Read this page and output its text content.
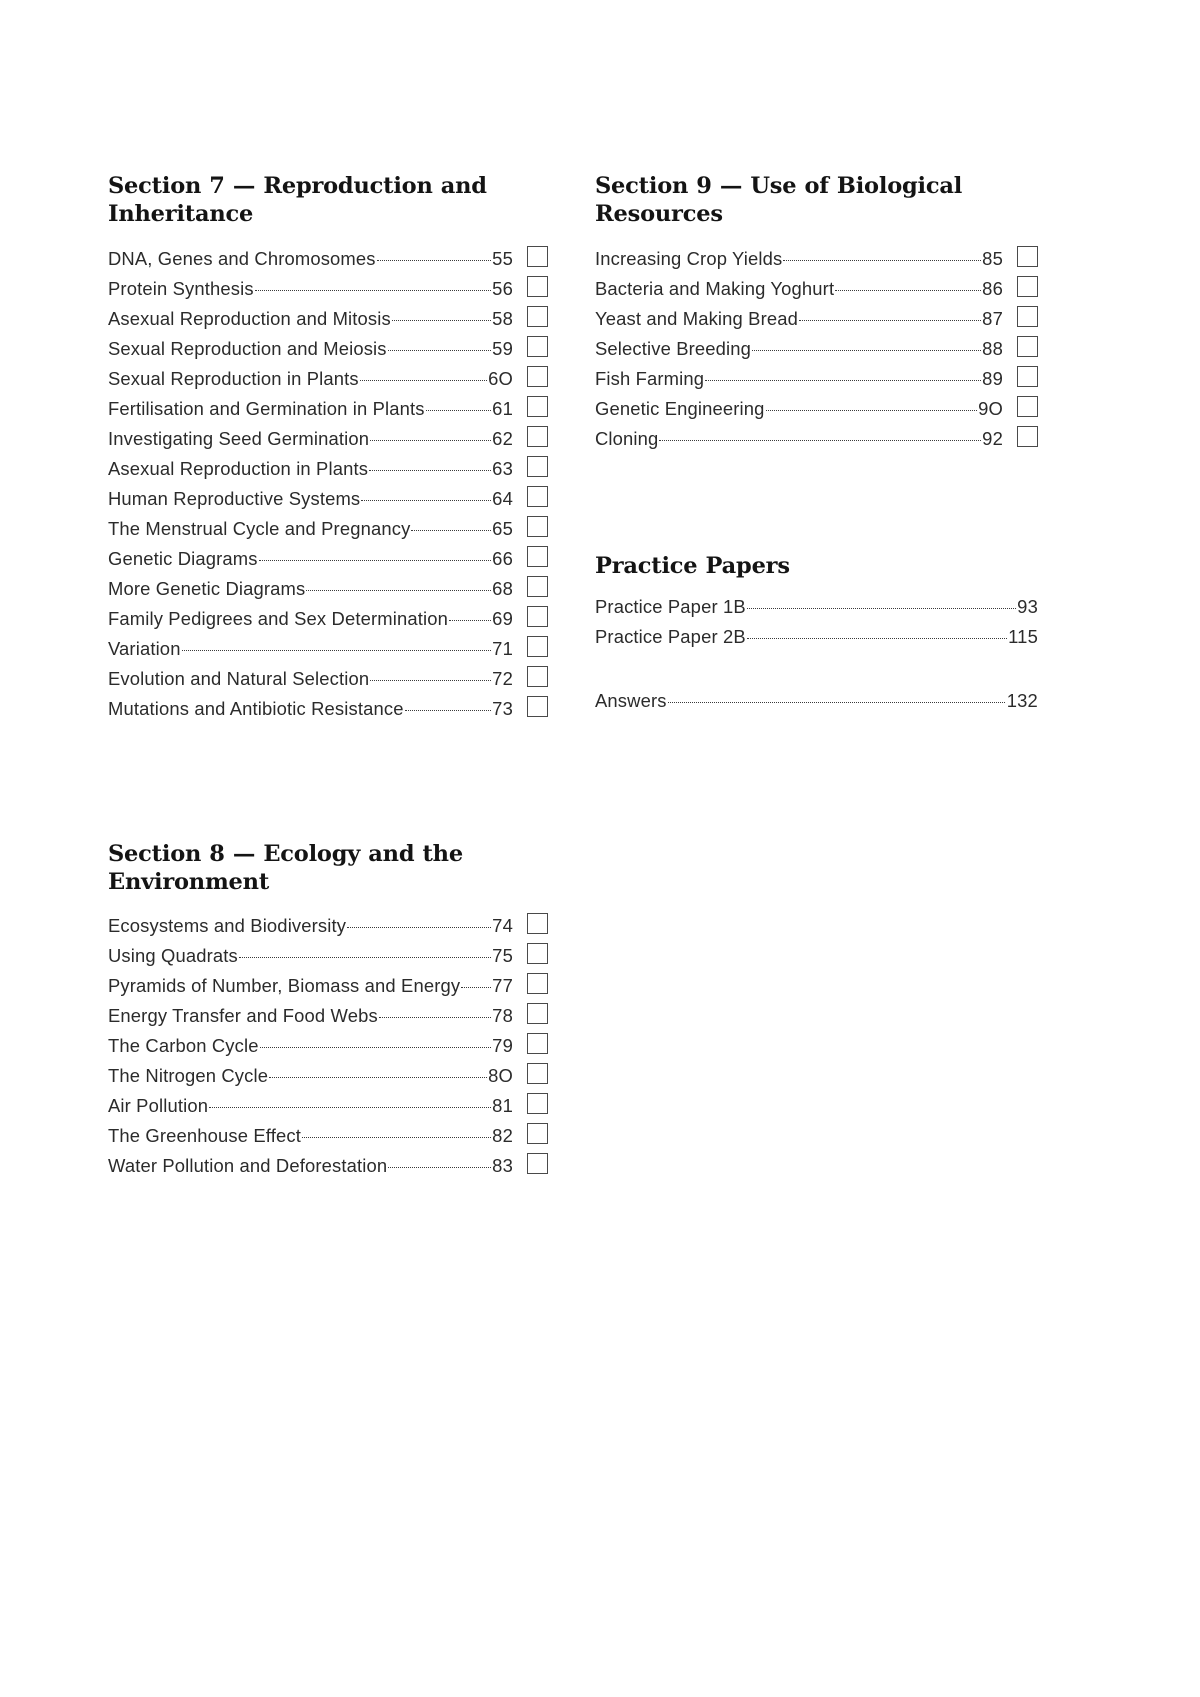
Section 7 — Reproduction and Inheritance
DNA, Genes and Chromosomes	55
Protein Synthesis	56
Asexual Reproduction and Mitosis	58
Sexual Reproduction and Meiosis	59
Sexual Reproduction in Plants	6O
Fertilisation and Germination in Plants	61
Investigating Seed Germination	62
Asexual Reproduction in Plants	63
Human Reproductive Systems	64
The Menstrual Cycle and Pregnancy	65
Genetic Diagrams	66
More Genetic Diagrams	68
Family Pedigrees and Sex Determination 69
Variation	71
Evolution and Natural Selection	72
Mutations and Antibiotic Resistance	73
Section 8 — Ecology and the Environment
Ecosystems and Biodiversity	74
Using Quadrats	75
Pyramids of Number, Biomass and Energy 77
Energy Transfer and Food Webs	78
The Carbon Cycle	79
The Nitrogen Cycle	8O
Air Pollution	81
The Greenhouse Effect	82
Water Pollution and Deforestation	83
Section 9 — Use of Biological Resources
Increasing Crop Yields	85
Bacteria and Making Yoghurt	86
Yeast and Making Bread	87
Selective Breeding	88
Fish Farming	89
Genetic Engineering	9O
Cloning	92
Practice Papers
Practice Paper 1B	93
Practice Paper 2B	115
Answers	132
